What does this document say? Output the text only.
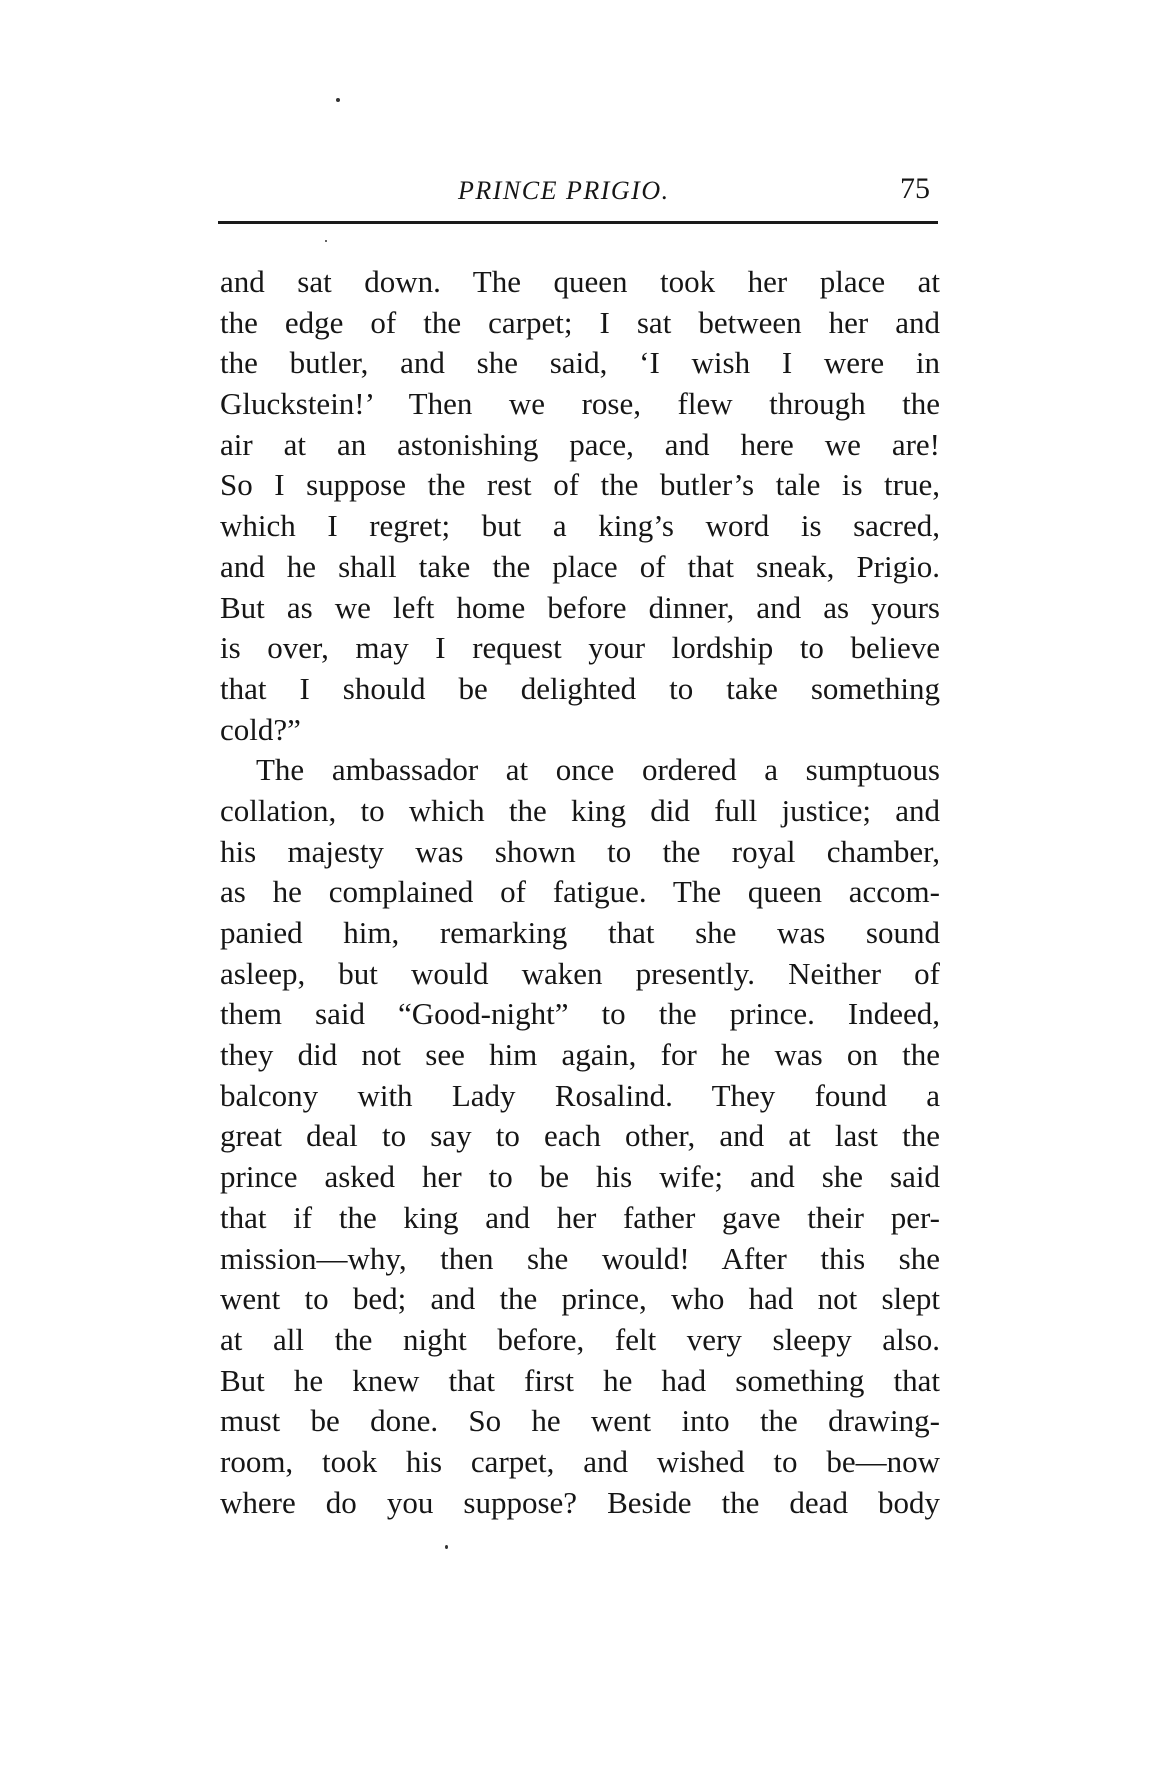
PRINCE PRIGIO.	75
and sat down. The queen took her place at
the edge of the carpet; I sat between her and
the butler, and she said, ‘I wish I were in
Gluckstein!’ Then we rose, flew through the
air at an astonishing pace, and here we are!
So I suppose the rest of the butler’s tale is true,
which I regret; but a king’s word is sacred,
and he shall take the place of that sneak, Prigio.
But as we left home before dinner, and as yours
is over, may I request your lordship to believe
that I should be delighted to take something
cold?”
The ambassador at once ordered a sumptuous
collation, to which the king did full justice; and
his majesty was shown to the royal chamber,
as he complained of fatigue. The queen accom-
panied him, remarking that she was sound
asleep, but would waken presently. Neither of
them said “Good-night” to the prince. Indeed,
they did not see him again, for he was on the
balcony with Lady Rosalind. They found a
great deal to say to each other, and at last the
prince asked her to be his wife; and she said
that if the king and her father gave their per-
mission—why, then she would! After this she
went to bed; and the prince, who had not slept
at all the night before, felt very sleepy also.
But he knew that first he had something that
must be done. So he went into the drawing-
room, took his carpet, and wished to be—now
where do you suppose? Beside the dead body
